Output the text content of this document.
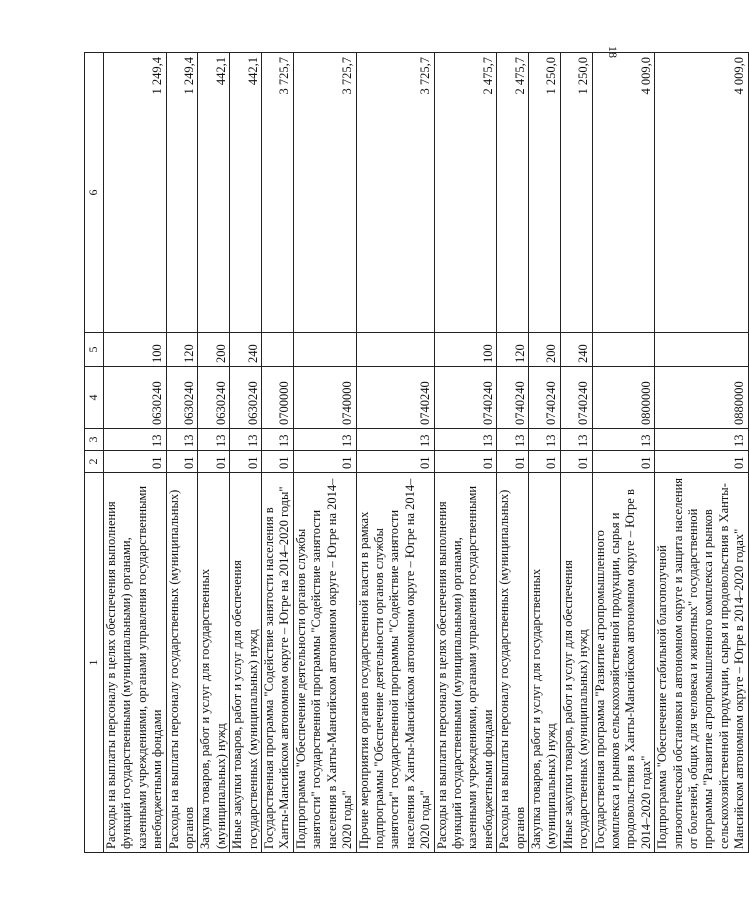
18
1	2	3	4	5	6
Расходы на выплаты персоналу в целях обеспечения выполнения функций государственными (муниципальными) органами, казенными учреждениями, органами управления государственными внебюджетными фондами	01	13	0630240	100	1 249,4
Расходы на выплаты персоналу государственных (муниципальных) органов	01	13	0630240	120	1 249,4
Закупка товаров, работ и услуг для государственных (муниципальных) нужд	01	13	0630240	200	442,1
Иные закупки товаров, работ и услуг для обеспечения государственных (муниципальных) нужд	01	13	0630240	240	442,1
Государственная программа "Содействие занятости населения в Ханты-Мансийском автономном округе – Югре на 2014–2020 годы"	01	13	0700000		3 725,7
Подпрограмма "Обеспечение деятельности органов службы занятости" государственной программы "Содействие занятости населения в Ханты-Мансийском автономном округе – Югре на 2014–2020 годы"	01	13	0740000		3 725,7
Прочие мероприятия органов государственной власти в рамках подпрограммы "Обеспечение деятельности органов службы занятости" государственной программы "Содействие занятости населения в Ханты-Мансийском автономном округе – Югре на 2014–2020 годы"	01	13	0740240		3 725,7
Расходы на выплаты персоналу в целях обеспечения выполнения функций государственными (муниципальными) органами, казенными учреждениями, органами управления государственными внебюджетными фондами	01	13	0740240	100	2 475,7
Расходы на выплаты персоналу государственных (муниципальных) органов	01	13	0740240	120	2 475,7
Закупка товаров, работ и услуг для государственных (муниципальных) нужд	01	13	0740240	200	1 250,0
Иные закупки товаров, работ и услуг для обеспечения государственных (муниципальных) нужд	01	13	0740240	240	1 250,0
Государственная программа "Развитие агропромышленного комплекса и рынков сельскохозяйственной продукции, сырья и продовольствия в Ханты-Мансийском автономном округе – Югре в 2014–2020 годах"	01	13	0800000		4 009,0
Подпрограмма "Обеспечение стабильной благополучной эпизоотической обстановки в автономном округе и защита населения от болезней, общих для человека и животных" государственной программы "Развитие агропромышленного комплекса и рынков сельскохозяйственной продукции, сырья и продовольствия в Ханты-Мансийском автономном округе – Югре в 2014–2020 годах"	01	13	0880000		4 009,0
